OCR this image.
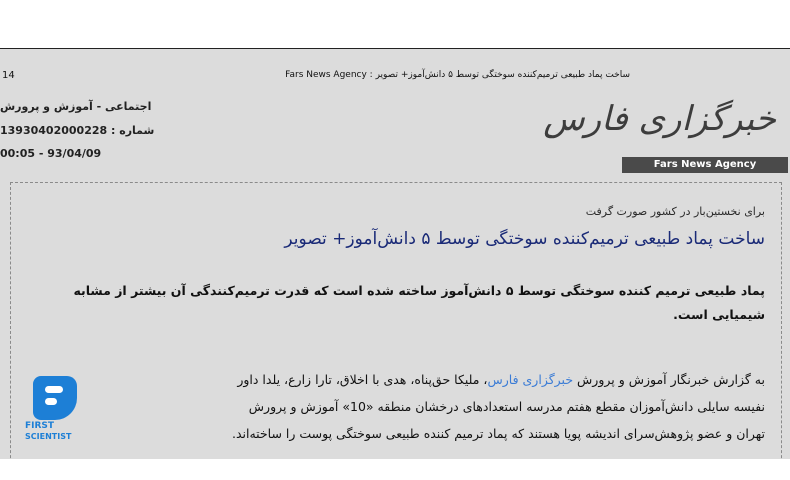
14	ساخت پماد طبیعی ترمیم‌کننده سوختگی توسط ۵ دانش‌آموز+ تصویر : Fars News Agency
اجتماعی - آموزش و پرورش
شماره : 13930402000228
93/04/09 - 00:05
خبرگزاری فارس
Fars News Agency
برای نخستین‌بار در کشور صورت گرفت
ساخت پماد طبیعی ترمیم‌کننده سوختگی توسط ۵ دانش‌آموز+ تصویر
پماد طبیعی ترمیم کننده سوختگی توسط ۵ دانش‌آموز ساخته شده است که قدرت ترمیم‌کنندگی آن بیشتر از مشابه شیمیایی است.
به گزارش خبرنگار آموزش و پرورش خبرگزاری فارس، ملیکا حق‌پناه، هدی با اخلاق، تارا زارع، یلدا داور
نفیسه سایلی دانش‌آموزان مقطع هفتم مدرسه استعدادهای درخشان منطقه «10» آموزش و پرورش
تهران و عضو پژوهش‌سرای اندیشه پویا هستند که پماد ترمیم کننده طبیعی سوختگی پوست را ساخته‌اند.
FIRST
SCIENTIST
